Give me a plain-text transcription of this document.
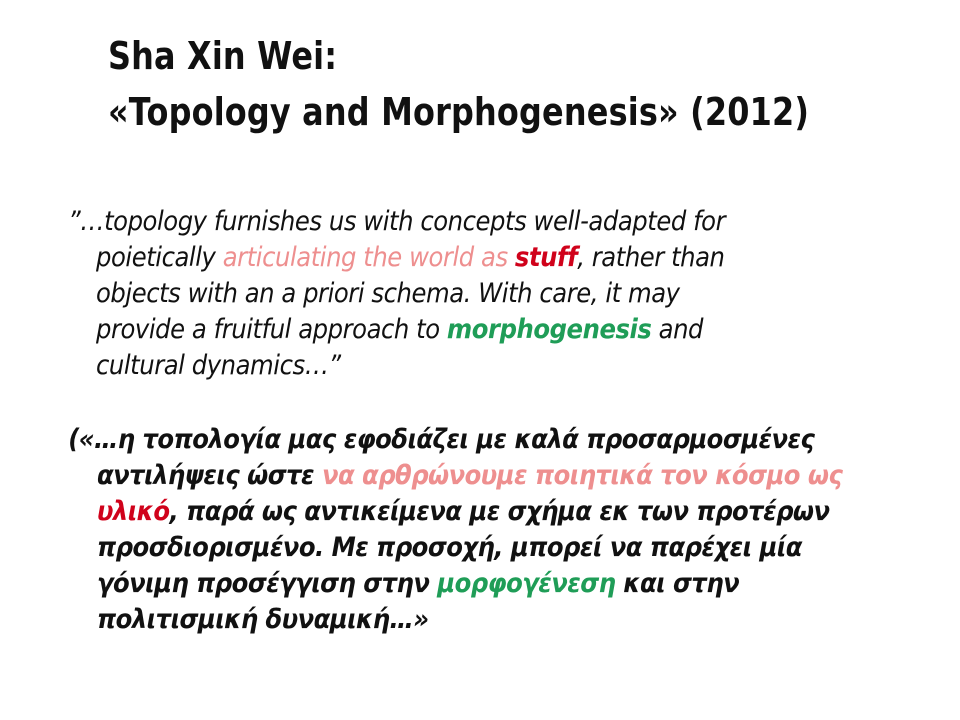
Sha Xin Wei:
«Topology and Morphogenesis» (2012)
”…topology furnishes us with concepts well-adapted for
poietically articulating the world as stuff, rather than
objects with an a priori schema. With care, it may
provide a fruitful approach to morphogenesis and
cultural dynamics…”
(«…η τοπολογία μας εφοδιάζει με καλά προσαρμοσμένες
αντιλήψεις ώστε να αρθρώνουμε ποιητικά τον κόσμο ως
υλικό, παρά ως αντικείμενα με σχήμα εκ των προτέρων
προσδιορισμένο. Με προσοχή, μπορεί να παρέχει μία
γόνιμη προσέγγιση στην μορφογένεση και στην
πολιτισμική δυναμική…»
